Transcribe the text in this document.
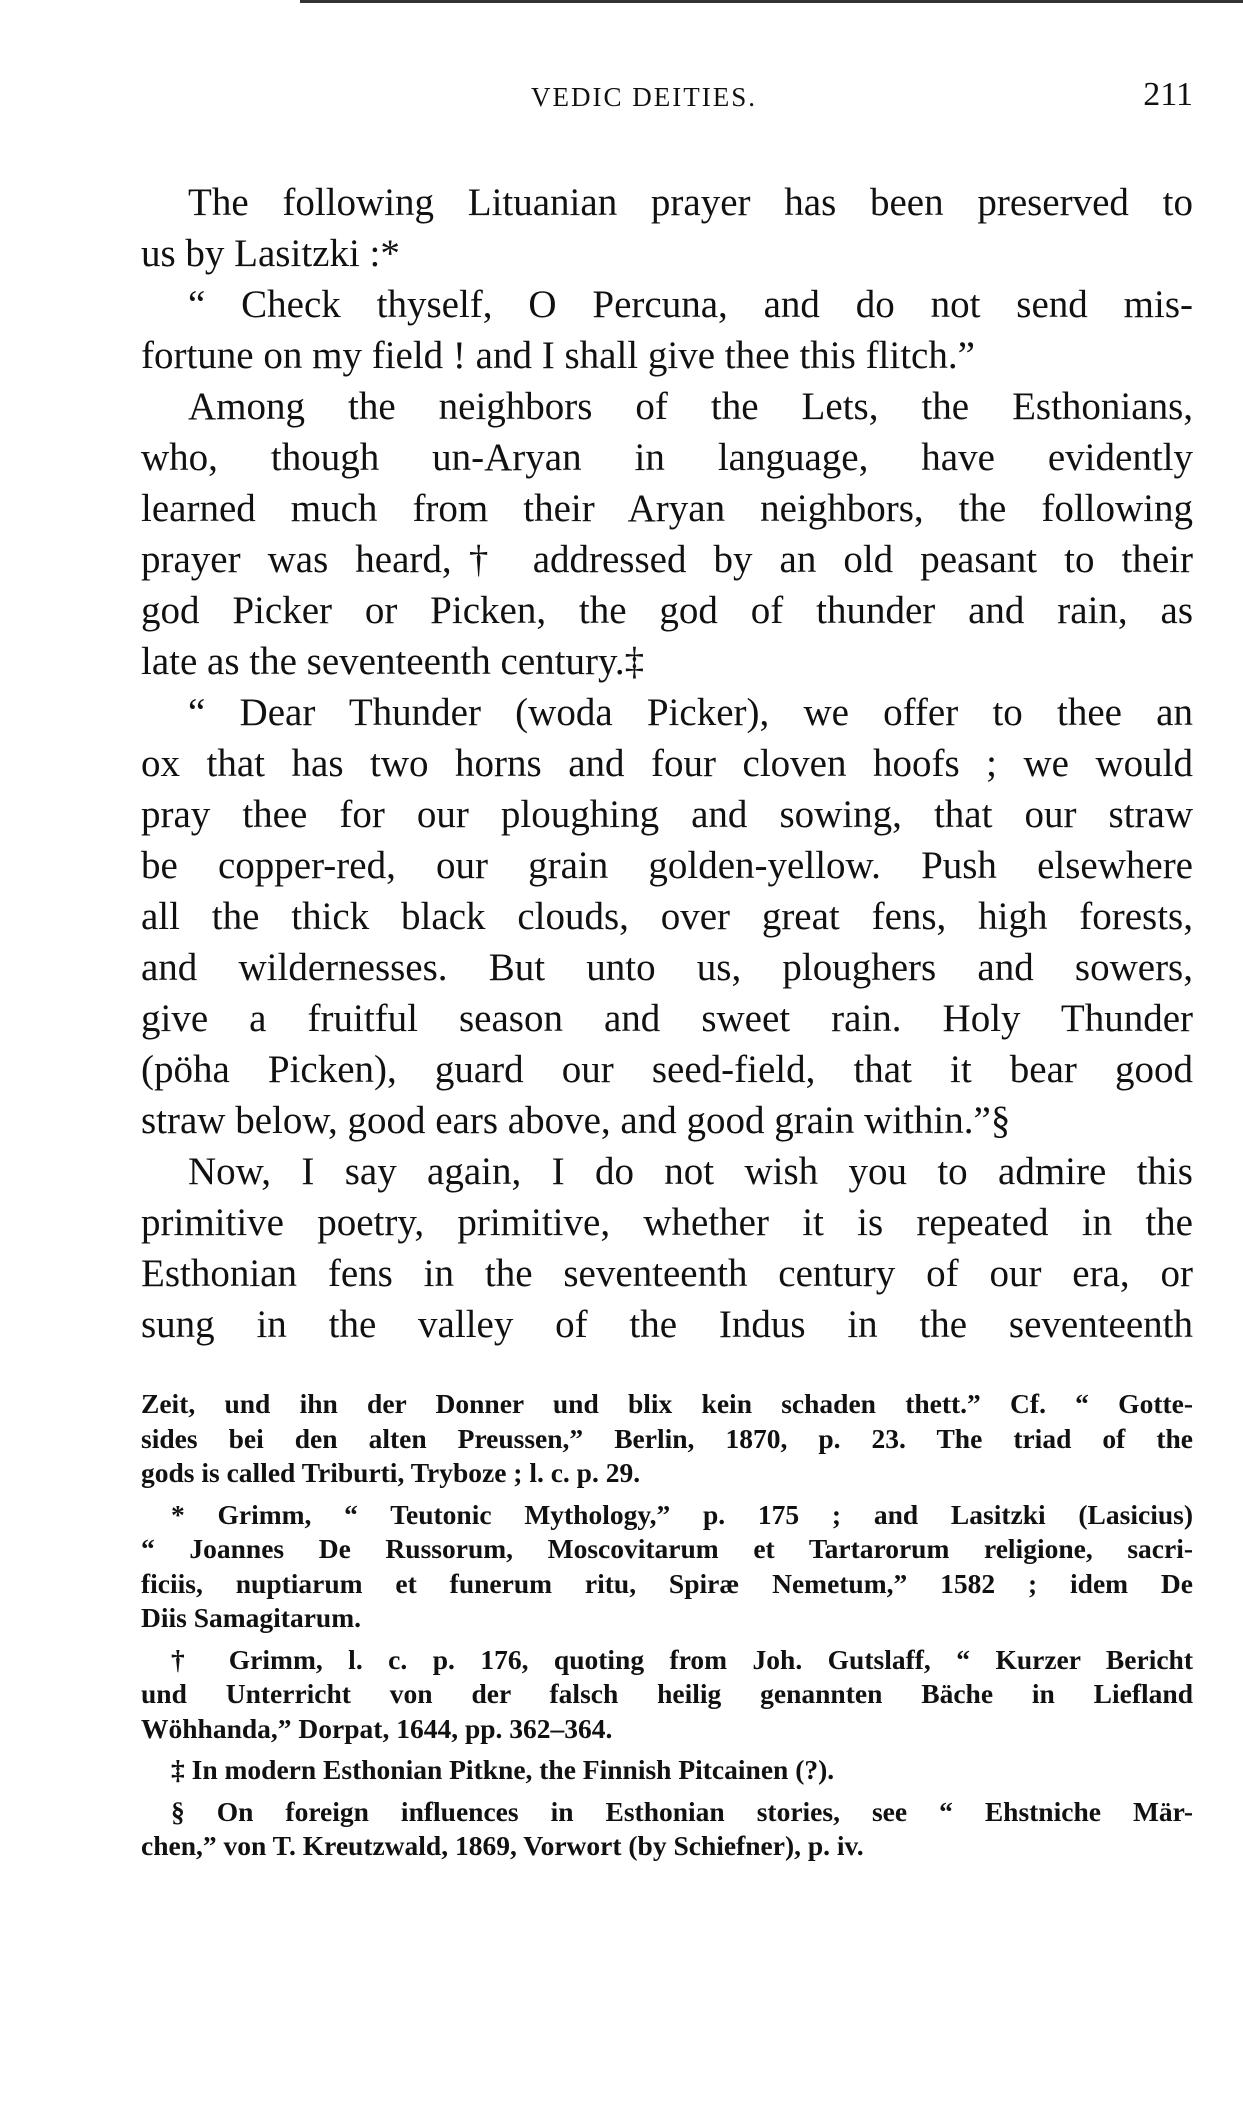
VEDIC DEITIES.	211
The following Lituanian prayer has been preserved to
us by Lasitzki :*
“ Check thyself, O Percuna, and do not send mis-
fortune on my field ! and I shall give thee this flitch.”
Among the neighbors of the Lets, the Esthonians,
who, though un-Aryan in language, have evidently
learned much from their Aryan neighbors, the following
prayer was heard,† addressed by an old peasant to their
god Picker or Picken, the god of thunder and rain, as
late as the seventeenth century.‡
“ Dear Thunder (woda Picker), we offer to thee an
ox that has two horns and four cloven hoofs ; we would
pray thee for our ploughing and sowing, that our straw
be copper-red, our grain golden-yellow. Push elsewhere
all the thick black clouds, over great fens, high forests,
and wildernesses. But unto us, ploughers and sowers,
give a fruitful season and sweet rain. Holy Thunder
(pöha Picken), guard our seed-field, that it bear good
straw below, good ears above, and good grain within.”§
Now, I say again, I do not wish you to admire this
primitive poetry, primitive, whether it is repeated in the
Esthonian fens in the seventeenth century of our era, or
sung in the valley of the Indus in the seventeenth
Zeit, und ihn der Donner und blix kein schaden thett.” Cf. “ Gotte-
sides bei den alten Preussen,” Berlin, 1870, p. 23. The triad of the
gods is called Triburti, Tryboze ; l. c. p. 29.
* Grimm, “ Teutonic Mythology,” p. 175 ; and Lasitzki (Lasicius)
“ Joannes De Russorum, Moscovitarum et Tartarorum religione, sacri-
ficiis, nuptiarum et funerum ritu, Spiræ Nemetum,” 1582 ; idem De
Diis Samagitarum.
† Grimm, l. c. p. 176, quoting from Joh. Gutslaff, “ Kurzer Bericht
und Unterricht von der falsch heilig genannten Bäche in Liefland
Wöhhanda,” Dorpat, 1644, pp. 362–364.
‡ In modern Esthonian Pitkne, the Finnish Pitcainen (?).
§ On foreign influences in Esthonian stories, see “ Ehstniche Mär-
chen,” von T. Kreutzwald, 1869, Vorwort (by Schiefner), p. iv.
